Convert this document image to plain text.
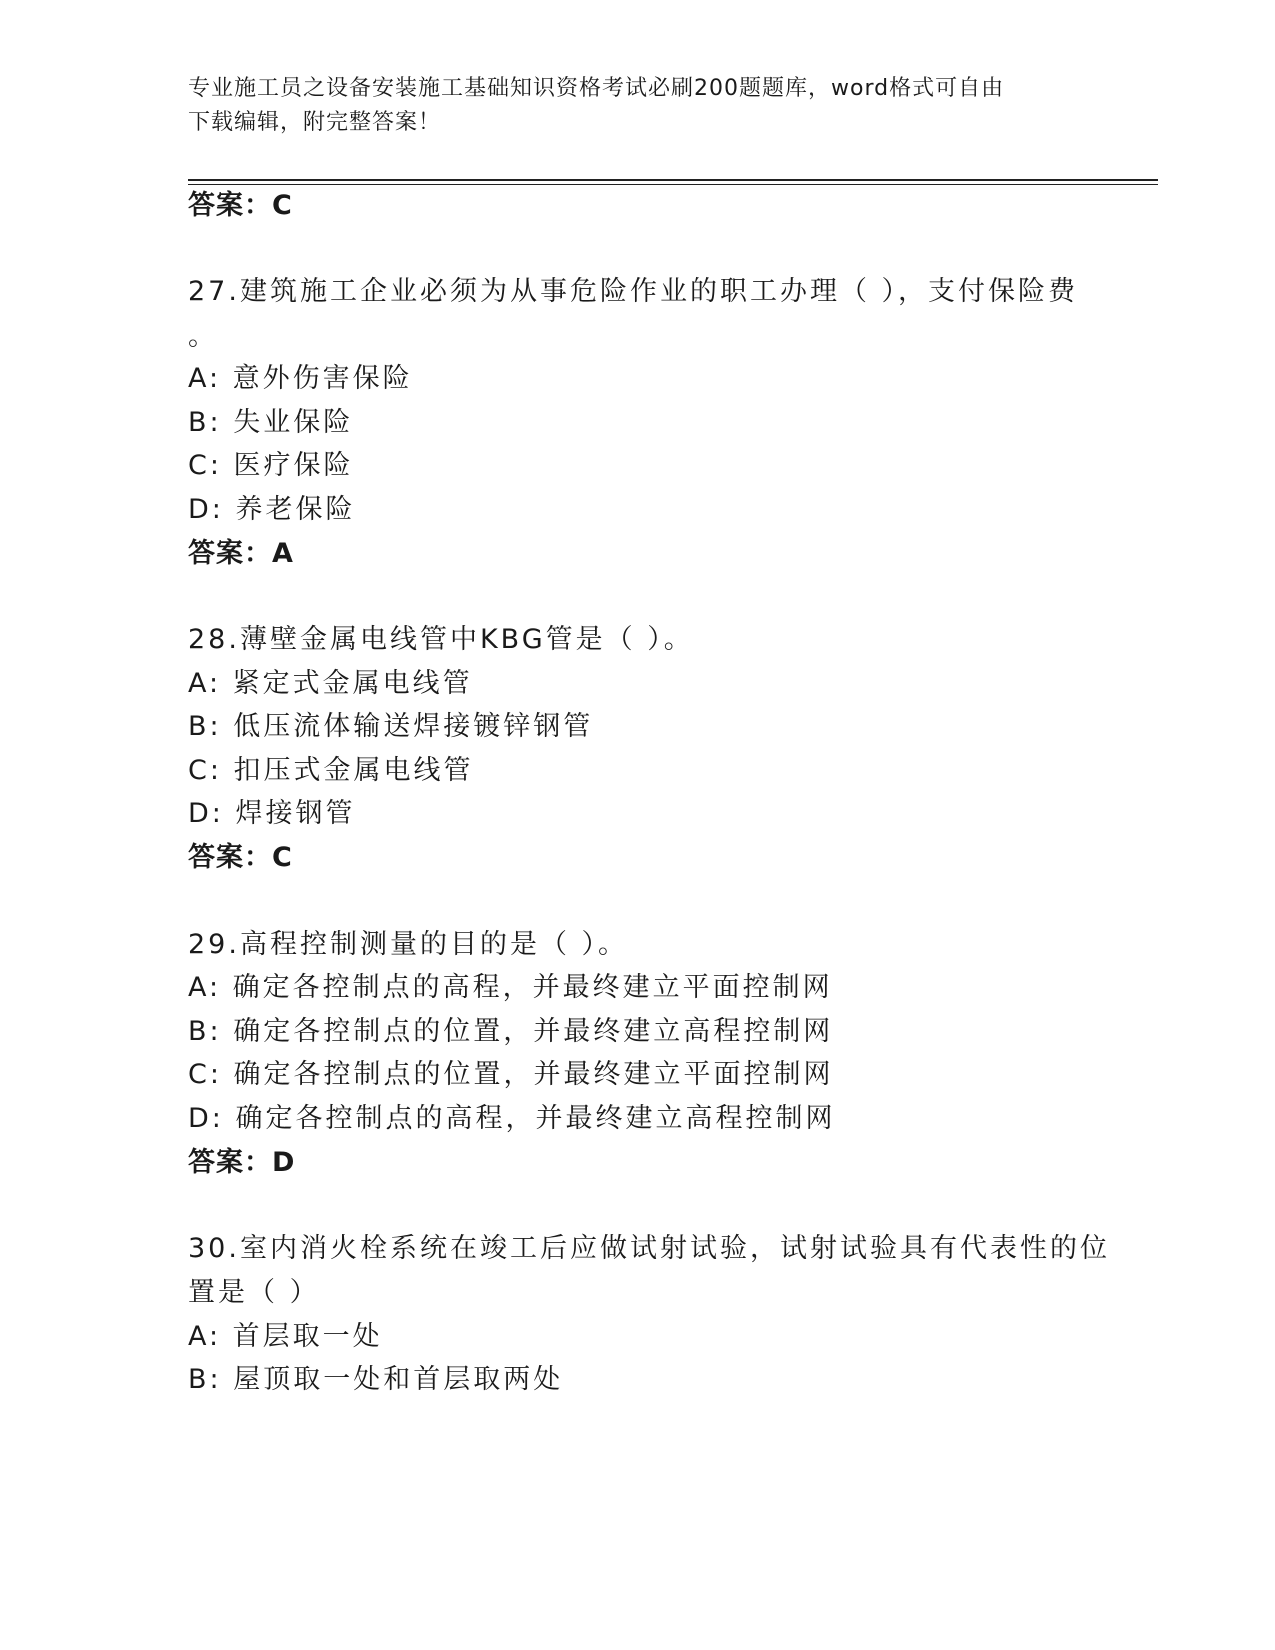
专业施工员之设备安装施工基础知识资格考试必刷200题题库，word格式可自由
下载编辑，附完整答案！

答案：C

27.建筑施工企业必须为从事危险作业的职工办理（ ），支付保险费

。

A: 意外伤害保险

B: 失业保险

C: 医疗保险

D: 养老保险

答案：A

28.薄壁金属电线管中KBG管是（ ）。

A: 紧定式金属电线管

B: 低压流体输送焊接镀锌钢管

C: 扣压式金属电线管

D: 焊接钢管

答案：C

29.高程控制测量的目的是（ ）。

A: 确定各控制点的高程，并最终建立平面控制网

B: 确定各控制点的位置，并最终建立高程控制网

C: 确定各控制点的位置，并最终建立平面控制网

D: 确定各控制点的高程，并最终建立高程控制网

答案：D

30.室内消火栓系统在竣工后应做试射试验，试射试验具有代表性的位

置是（ ）

A: 首层取一处

B: 屋顶取一处和首层取两处
